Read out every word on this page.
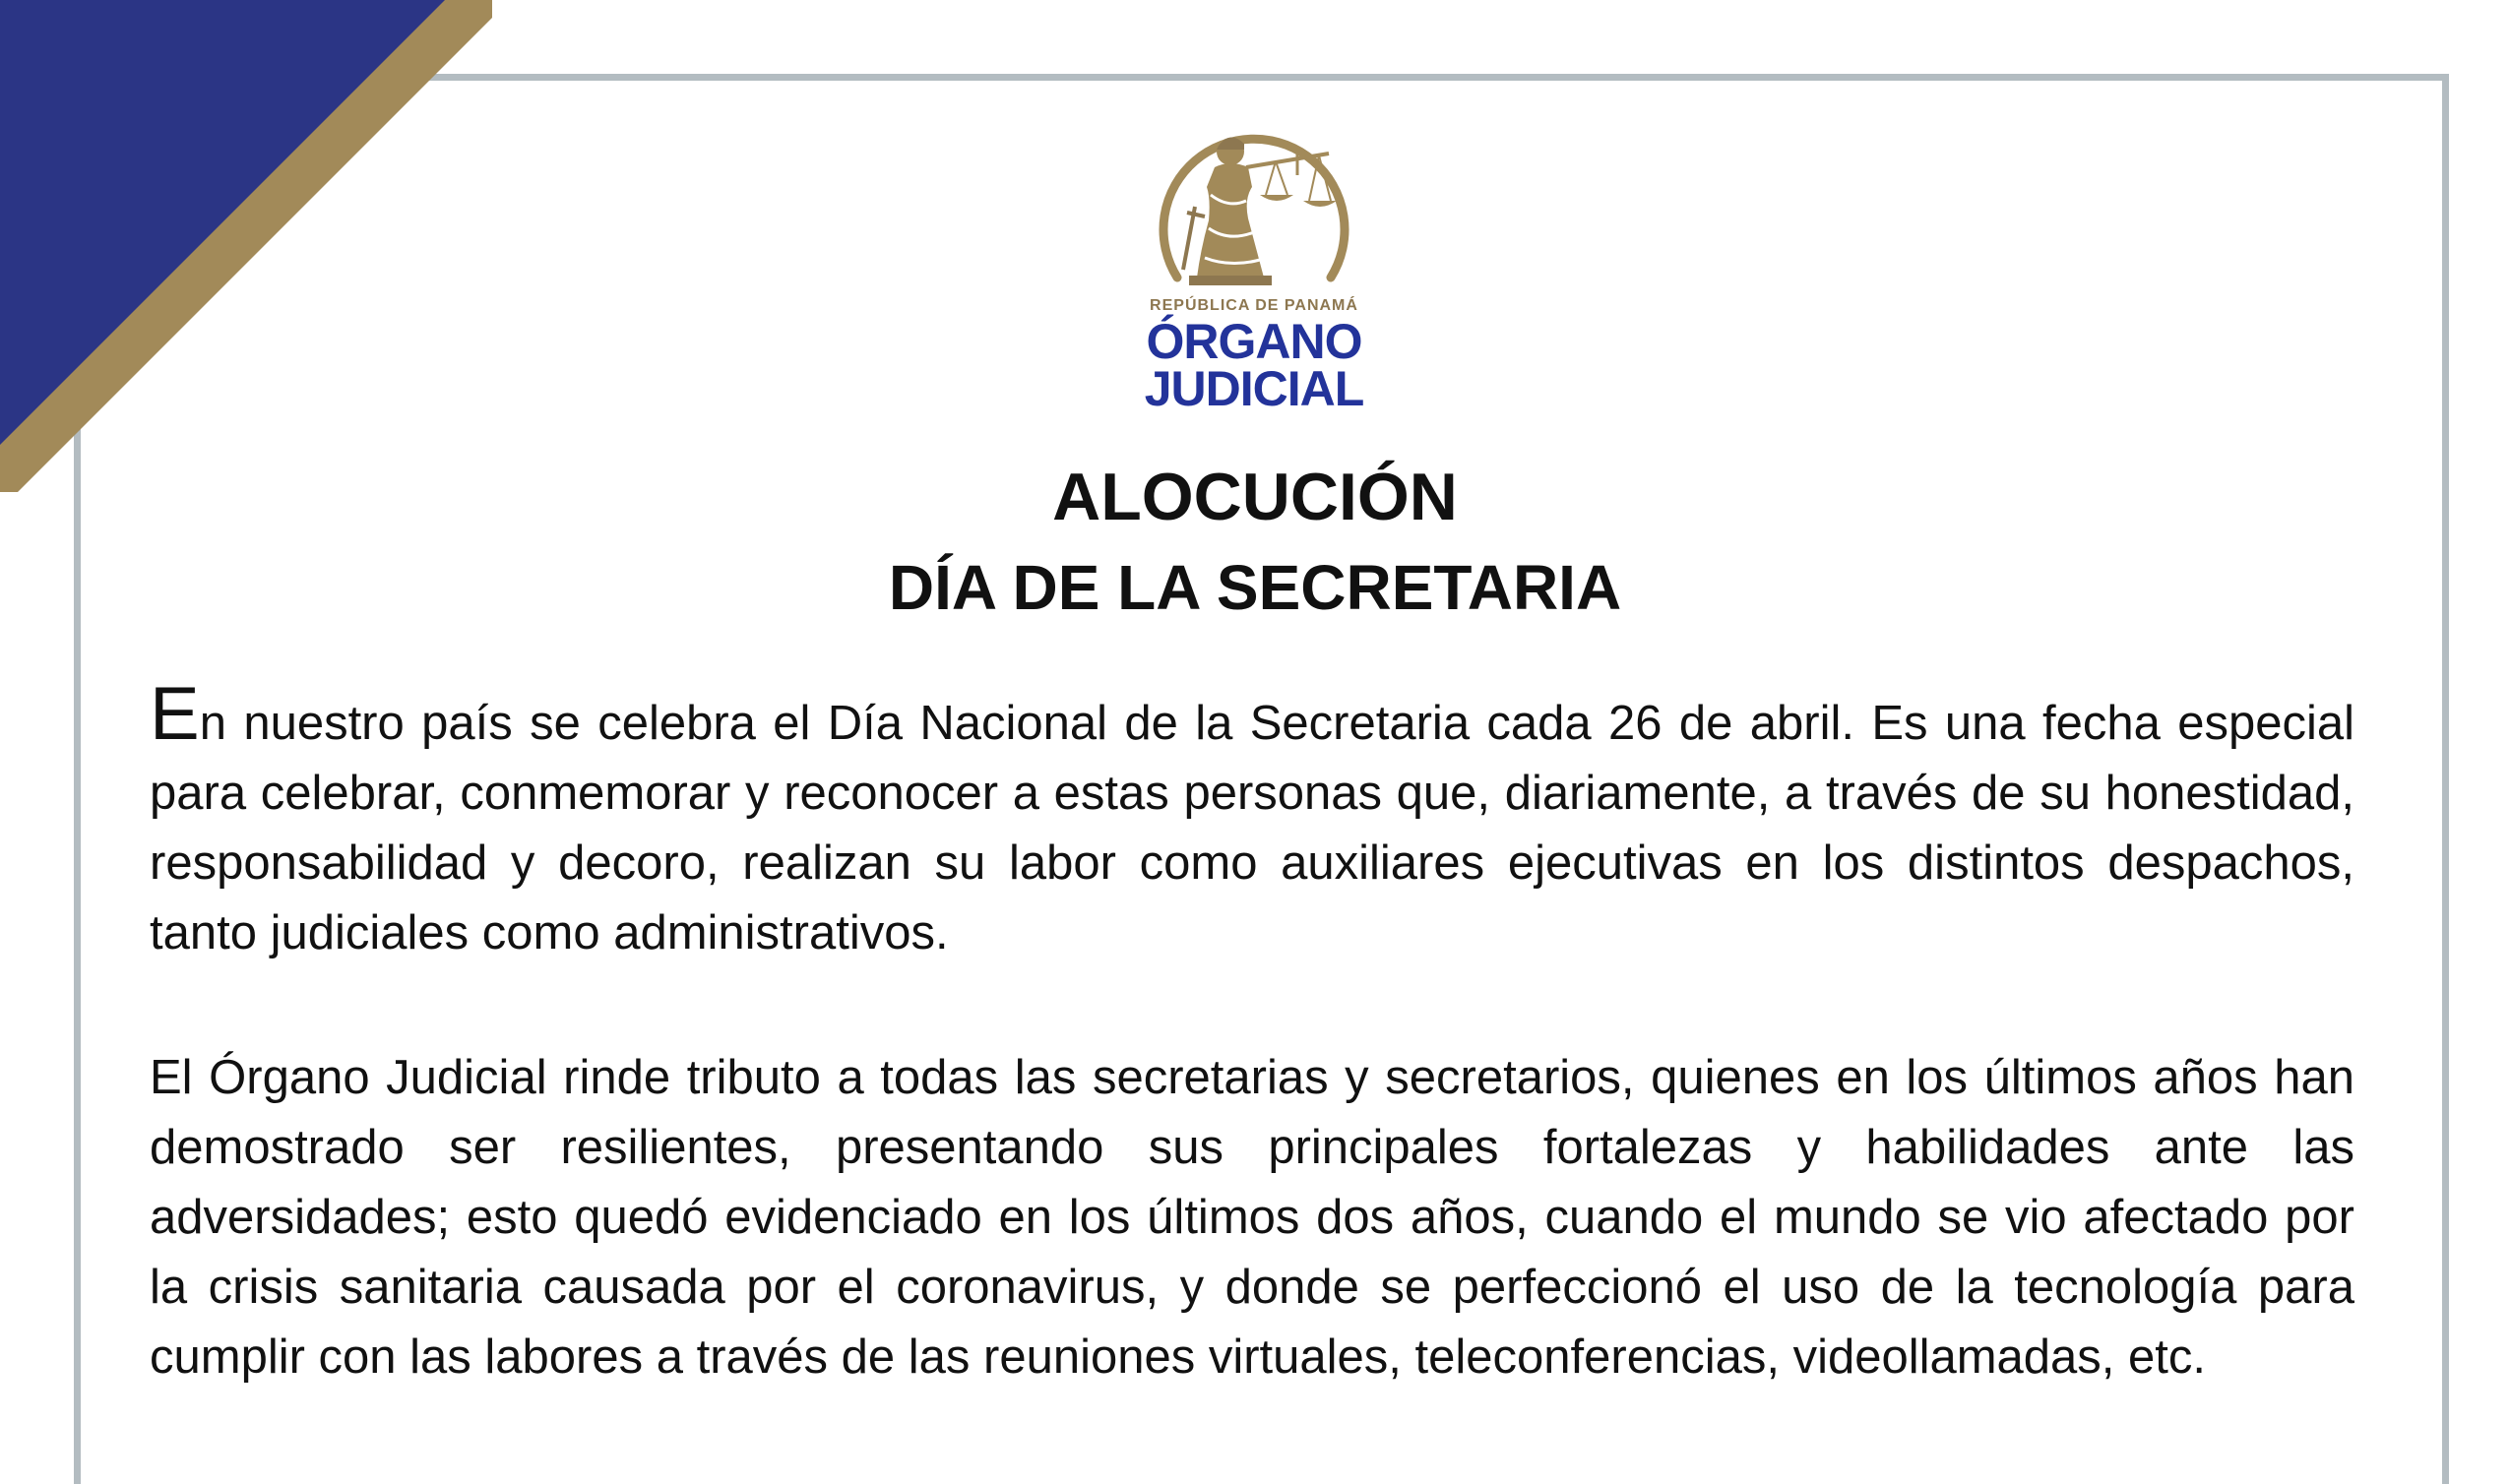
REPÚBLICA DE PANAMÁ
ÓRGANO
JUDICIAL
ALOCUCIÓN
DÍA DE LA SECRETARIA

En nuestro país se celebra el Día Nacional de la Secretaria cada 26 de abril. Es una fecha especial para celebrar, conmemorar y reconocer a estas personas que, diariamente, a través de su honestidad, responsabilidad y decoro, realizan su labor como auxiliares ejecutivas en los distintos despachos, tanto judiciales como administrativos.

El Órgano Judicial rinde tributo a todas las secretarias y secretarios, quienes en los últimos años han demostrado ser resilientes, presentando sus principales fortalezas y habilidades ante las adversidades; esto quedó evidenciado en los últimos dos años, cuando el mundo se vio afectado por la crisis sanitaria causada por el coronavirus, y donde se perfeccionó el uso de la tecnología para cumplir con las labores a través de las reuniones virtuales, teleconferencias, videollamadas, etc.
